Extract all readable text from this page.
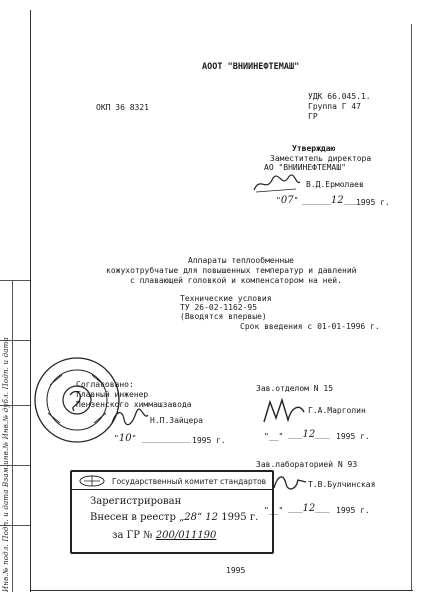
Инв.№ подл. Подп. и дата Взам.инв.№ Инв.№ дубл. Подп. и дата
АООТ "ВНИИНЕФТЕМАШ"
ОКП 36 8321
УДК 66.045.1.
Группа Г 47
ГР
Утверждаю
Заместитель директора
АО "ВНИИНЕФТЕМАШ"
В.Д.Ермолаев
"07" ______12____
1995 г.
Аппараты теплообменные
кожухотрубчатые для повышенных температур и давлений
с плавающей головкой и компенсатором на ней.
Технические условия
ТУ 26-02-1162-95
(Вводятся впервые)
Срок введения с 01-01-1996 г.
Согласовано:
Главный инженер
Пензенского химмашзавода
Н.П.Зайцера
"10" __________ 1995 г.
Зав.отделом N 15
Г.А.Марголин
"__" ___12___ 1995 г.
Зав.лабораторией N 93
Т.В.Булчинская
"__" ___12___ 1995 г.
Государственный комитет стандартов
Зарегистрирован
Внесен в реестр „28“ 12 1995 г.
за ГР № 200/011190
1995
